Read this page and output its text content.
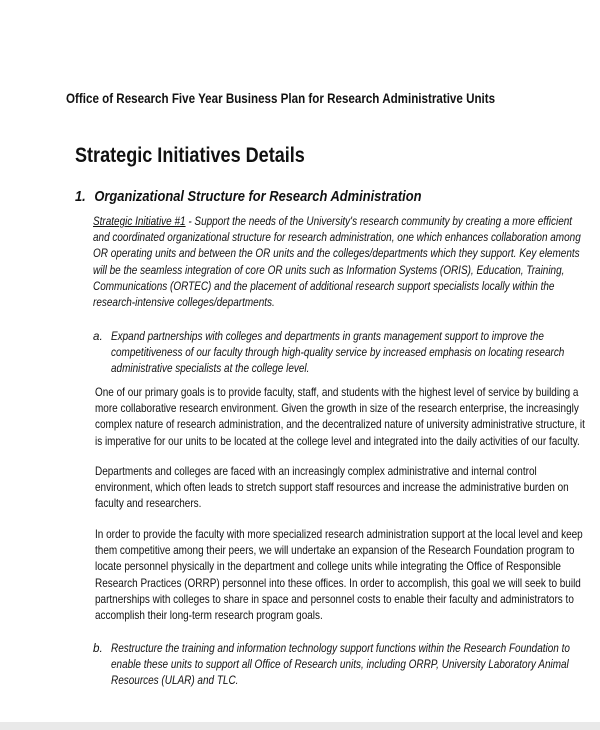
Office of Research Five Year Business Plan for Research Administrative Units
Strategic Initiatives Details
1. Organizational Structure for Research Administration
Strategic Initiative #1 - Support the needs of the University's research community by creating a more efficient
and coordinated organizational structure for research administration, one which enhances collaboration among
OR operating units and between the OR units and the colleges/departments which they support. Key elements
will be the seamless integration of core OR units such as Information Systems (ORIS), Education, Training,
Communications (ORTEC) and the placement of additional research support specialists locally within the
research-intensive colleges/departments.
a. Expand partnerships with colleges and departments in grants management support to improve the
competitiveness of our faculty through high-quality service by increased emphasis on locating research
administrative specialists at the college level.
One of our primary goals is to provide faculty, staff, and students with the highest level of service by building a
more collaborative research environment. Given the growth in size of the research enterprise, the increasingly
complex nature of research administration, and the decentralized nature of university administrative structure, it
is imperative for our units to be located at the college level and integrated into the daily activities of our faculty.
Departments and colleges are faced with an increasingly complex administrative and internal control
environment, which often leads to stretch support staff resources and increase the administrative burden on
faculty and researchers.
In order to provide the faculty with more specialized research administration support at the local level and keep
them competitive among their peers, we will undertake an expansion of the Research Foundation program to
locate personnel physically in the department and college units while integrating the Office of Responsible
Research Practices (ORRP) personnel into these offices. In order to accomplish, this goal we will seek to build
partnerships with colleges to share in space and personnel costs to enable their faculty and administrators to
accomplish their long-term research program goals.
b. Restructure the training and information technology support functions within the Research Foundation to
enable these units to support all Office of Research units, including ORRP, University Laboratory Animal
Resources (ULAR) and TLC.
